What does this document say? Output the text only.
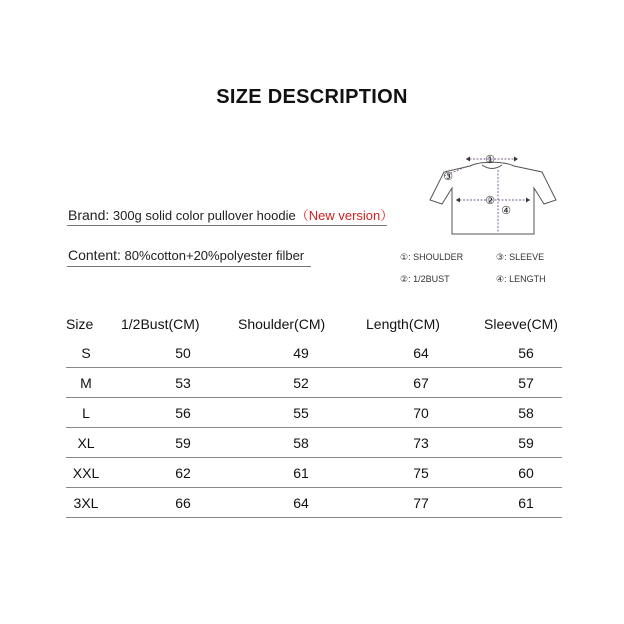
SIZE DESCRIPTION
Brand: 300g solid color pullover hoodie（New version）
Content: 80%cotton+20%polyester filber
①
②
③
④
①: SHOULDER	③: SLEEVE
②: 1/2BUST	④: LENGTH
Size	1/2Bust(CM)	Shoulder(CM)	Length(CM)	Sleeve(CM)
S	50	49	64	56
M	53	52	67	57
L	56	55	70	58
XL	59	58	73	59
XXL	62	61	75	60
3XL	66	64	77	61
